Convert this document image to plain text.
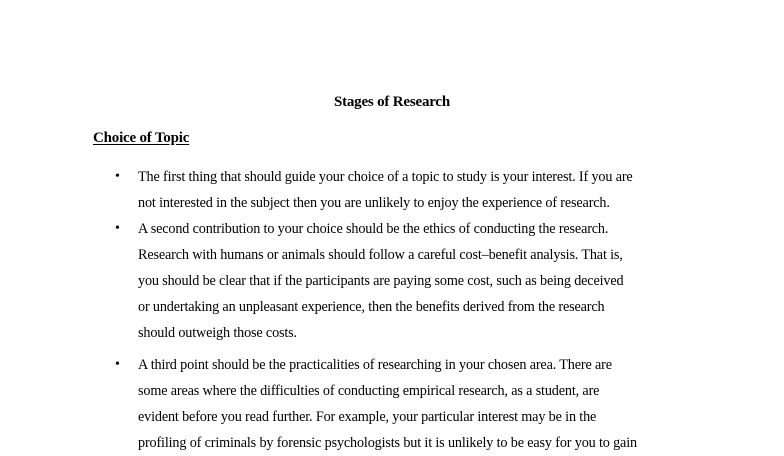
Stages of Research
Choice of Topic
• The first thing that should guide your choice of a topic to study is your interest. If you are
not interested in the subject then you are unlikely to enjoy the experience of research.
• A second contribution to your choice should be the ethics of conducting the research.
Research with humans or animals should follow a careful cost–benefit analysis. That is,
you should be clear that if the participants are paying some cost, such as being deceived
or undertaking an unpleasant experience, then the benefits derived from the research
should outweigh those costs.
• A third point should be the practicalities of researching in your chosen area. There are
some areas where the difficulties of conducting empirical research, as a student, are
evident before you read further. For example, your particular interest may be in the
profiling of criminals by forensic psychologists but it is unlikely to be easy for you to gain
